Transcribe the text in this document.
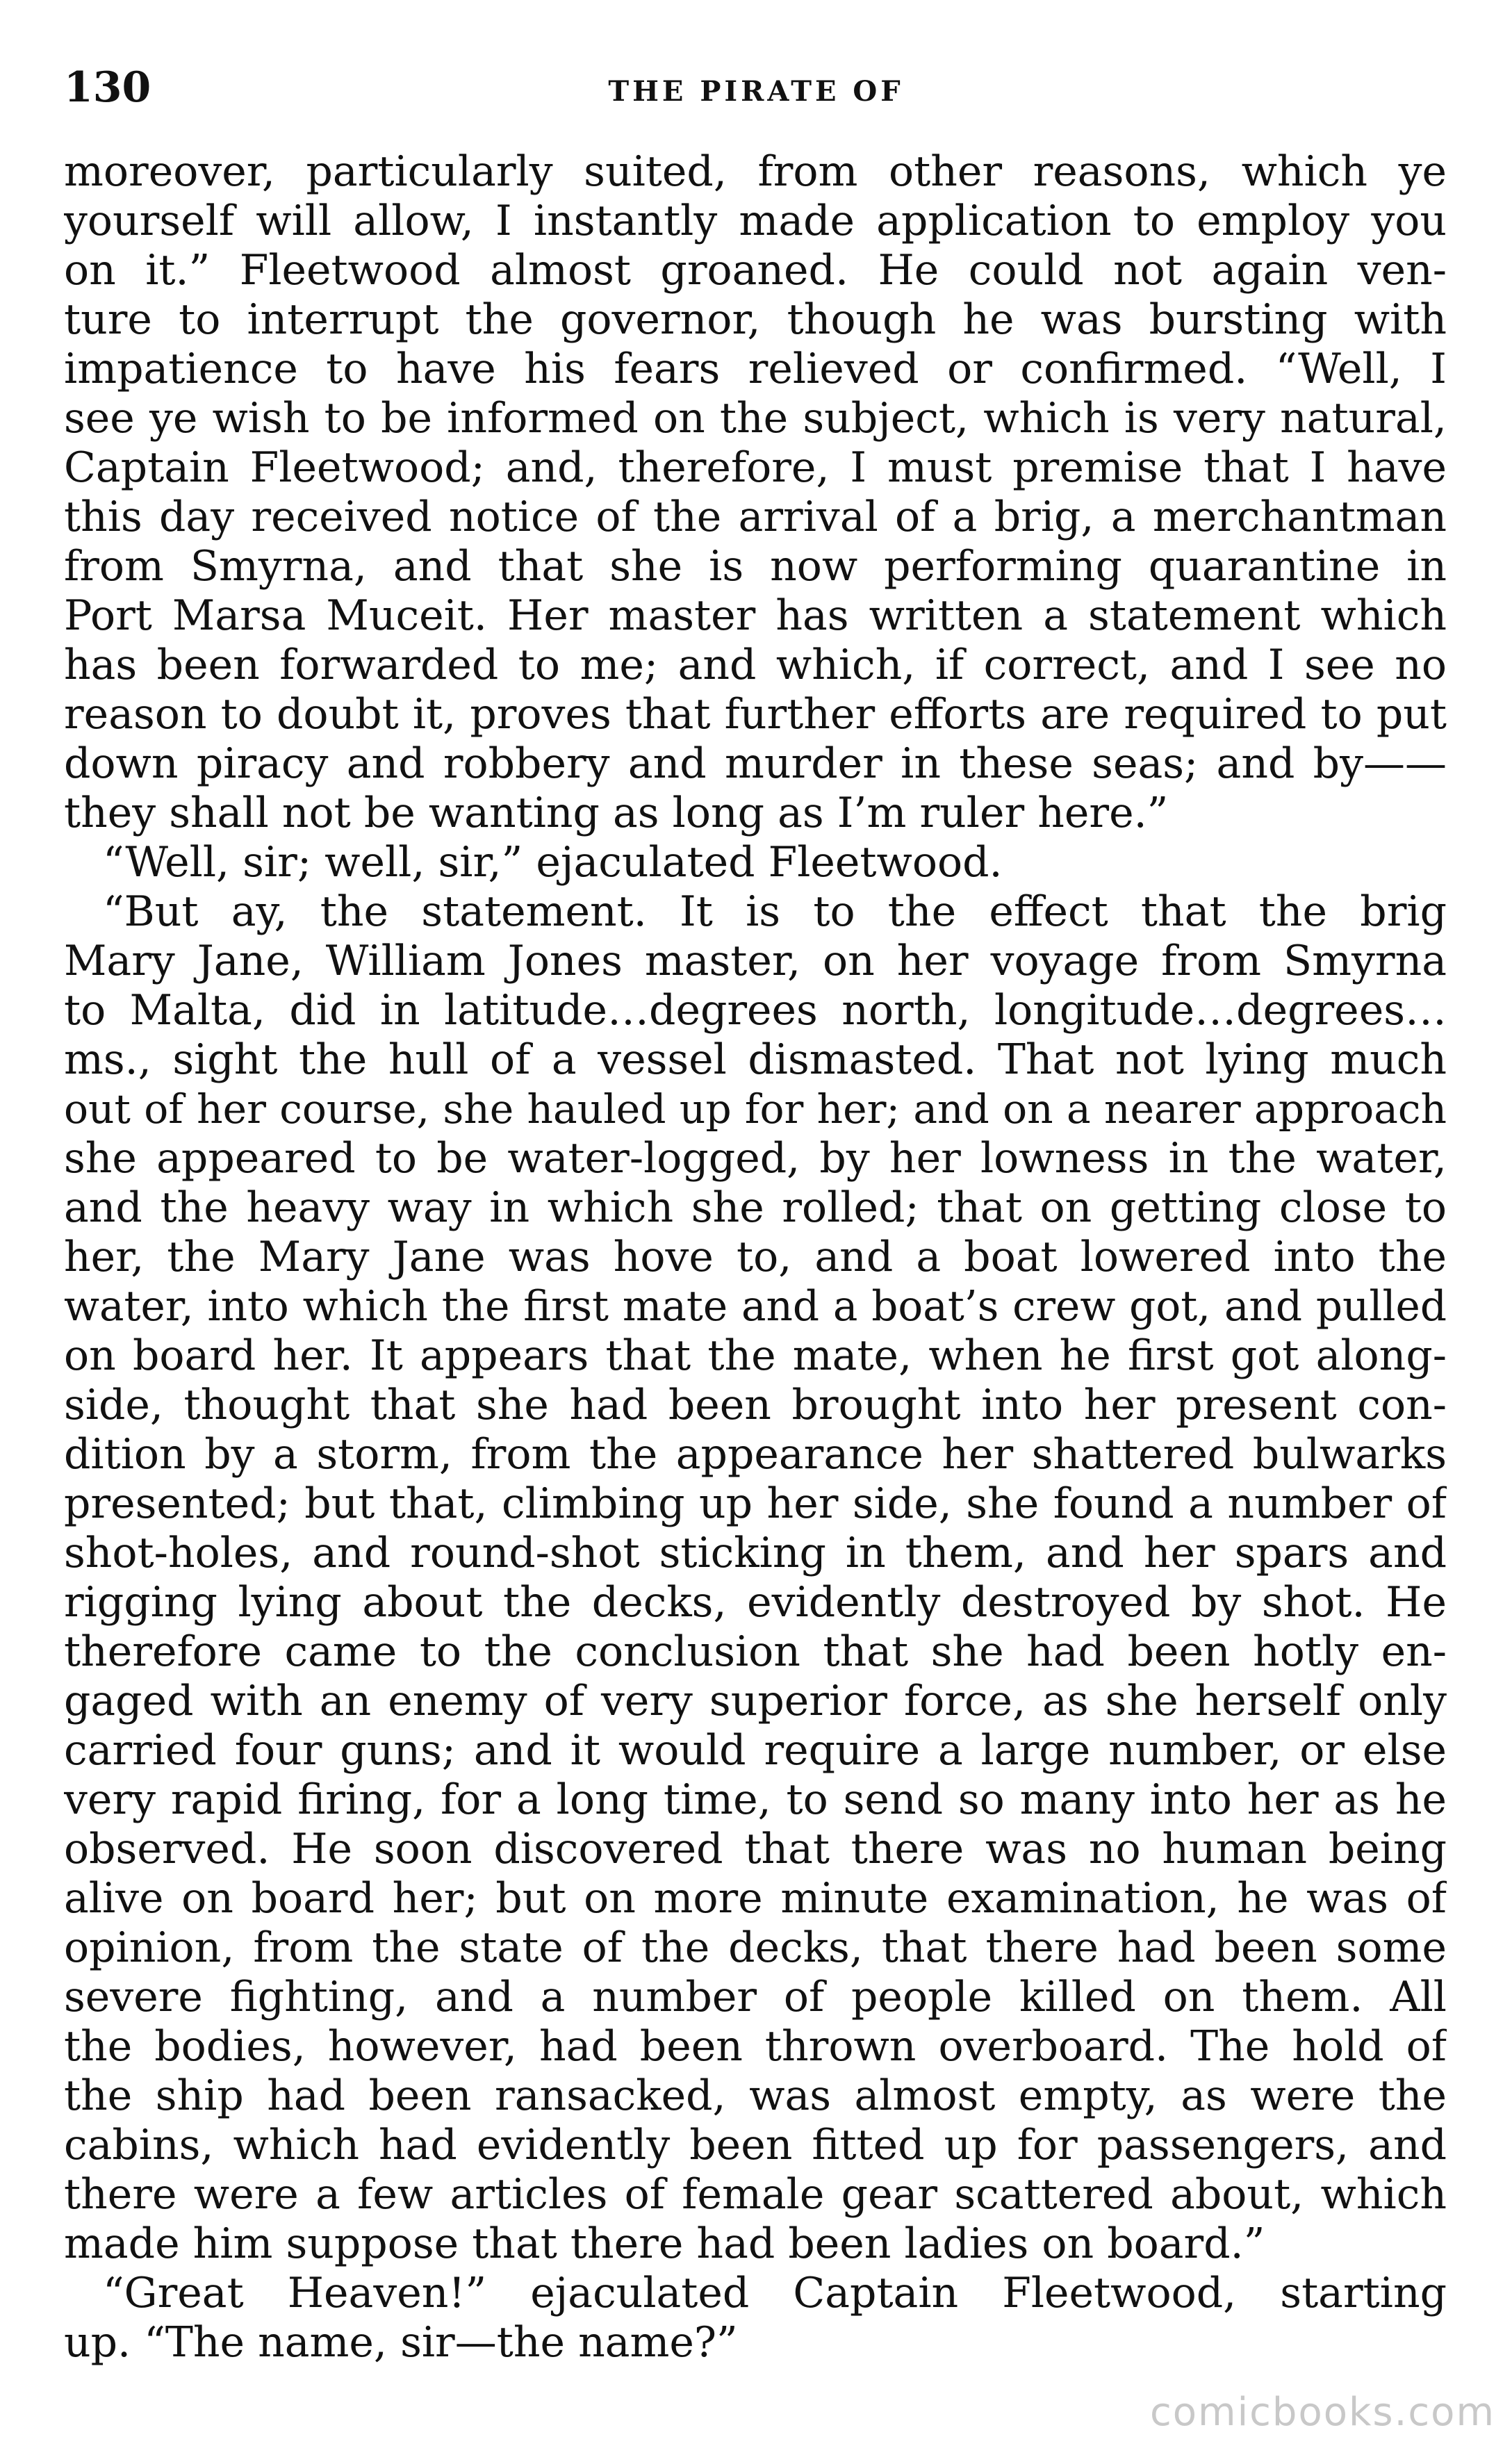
130	THE PIRATE OF
moreover, particularly suited, from other reasons, which ye
yourself will allow, I instantly made application to employ you
on it.” Fleetwood almost groaned. He could not again ven-
ture to interrupt the governor, though he was bursting with
impatience to have his fears relieved or confirmed. “Well, I
see ye wish to be informed on the subject, which is very natural,
Captain Fleetwood; and, therefore, I must premise that I have
this day received notice of the arrival of a brig, a merchantman
from Smyrna, and that she is now performing quarantine in
Port Marsa Muceit. Her master has written a statement which
has been forwarded to me; and which, if correct, and I see no
reason to doubt it, proves that further efforts are required to put
down piracy and robbery and murder in these seas; and by——
they shall not be wanting as long as I’m ruler here.”
“Well, sir; well, sir,” ejaculated Fleetwood.
“But ay, the statement. It is to the effect that the brig
Mary Jane, William Jones master, on her voyage from Smyrna
to Malta, did in latitude…degrees north, longitude…degrees…
ms., sight the hull of a vessel dismasted. That not lying much
out of her course, she hauled up for her; and on a nearer approach
she appeared to be water-logged, by her lowness in the water,
and the heavy way in which she rolled; that on getting close to
her, the Mary Jane was hove to, and a boat lowered into the
water, into which the first mate and a boat’s crew got, and pulled
on board her. It appears that the mate, when he first got along-
side, thought that she had been brought into her present con-
dition by a storm, from the appearance her shattered bulwarks
presented; but that, climbing up her side, she found a number of
shot-holes, and round-shot sticking in them, and her spars and
rigging lying about the decks, evidently destroyed by shot. He
therefore came to the conclusion that she had been hotly en-
gaged with an enemy of very superior force, as she herself only
carried four guns; and it would require a large number, or else
very rapid firing, for a long time, to send so many into her as he
observed. He soon discovered that there was no human being
alive on board her; but on more minute examination, he was of
opinion, from the state of the decks, that there had been some
severe fighting, and a number of people killed on them. All
the bodies, however, had been thrown overboard. The hold of
the ship had been ransacked, was almost empty, as were the
cabins, which had evidently been fitted up for passengers, and
there were a few articles of female gear scattered about, which
made him suppose that there had been ladies on board.”
“Great Heaven!” ejaculated Captain Fleetwood, starting
up. “The name, sir—the name?”
comicbooks.com
